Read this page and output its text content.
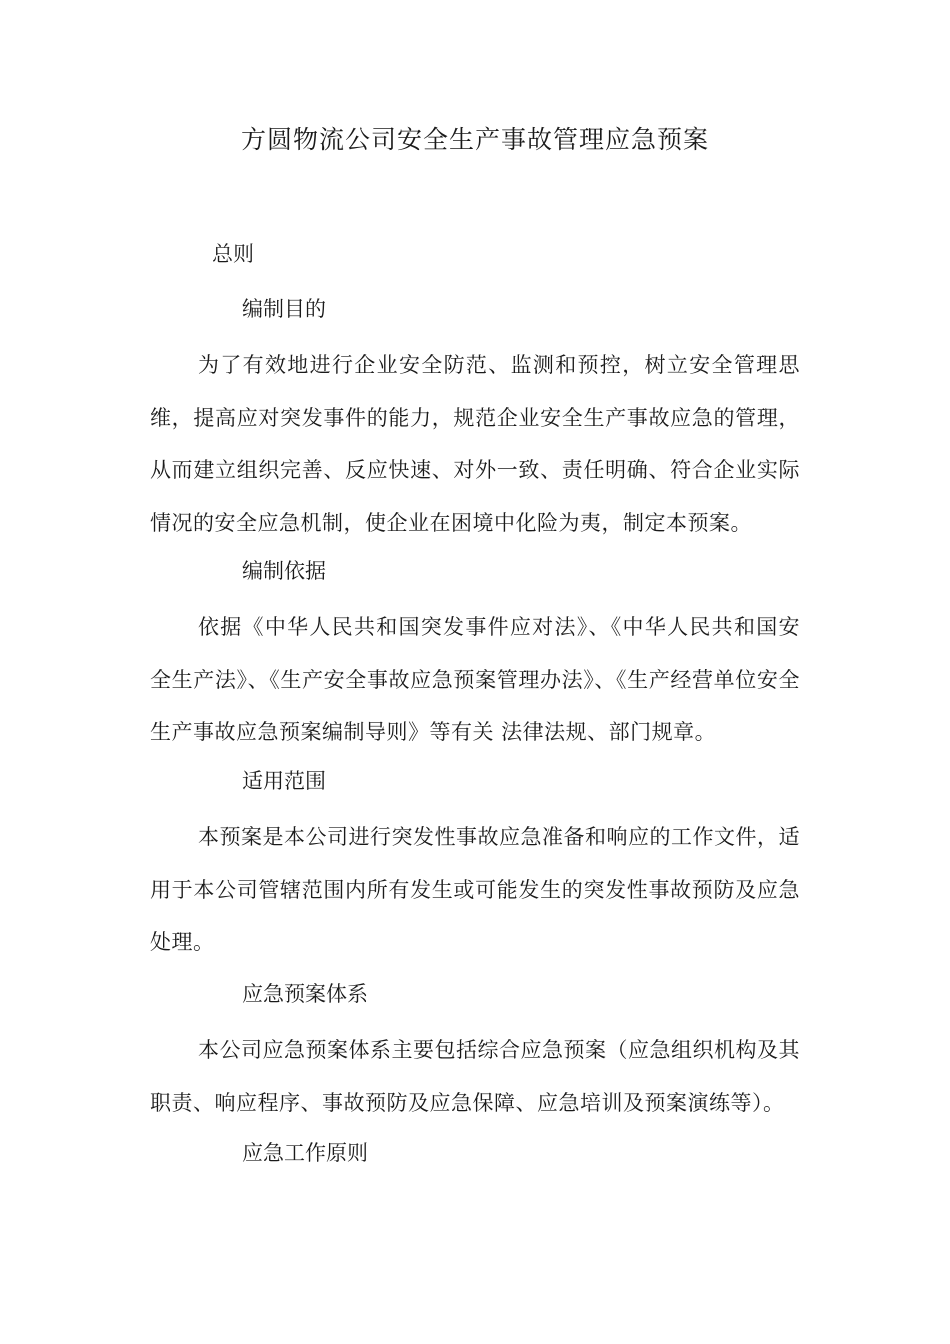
方圆物流公司安全生产事故管理应急预案
总则
编制目的
为了有效地进行企业安全防范、监测和预控，树立安全管理思维，提高应对突发事件的能力，规范企业安全生产事故应急的管理，从而建立组织完善、反应快速、对外一致、责任明确、符合企业实际情况的安全应急机制，使企业在困境中化险为夷，制定本预案。
编制依据
依据《中华人民共和国突发事件应对法》、《中华人民共和国安全生产法》、《生产安全事故应急预案管理办法》、《生产经营单位安全生产事故应急预案编制导则》等有关 法律法规、部门规章。
适用范围
本预案是本公司进行突发性事故应急准备和响应的工作文件，适用于本公司管辖范围内所有发生或可能发生的突发性事故预防及应急处理。
应急预案体系
本公司应急预案体系主要包括综合应急预案（应急组织机构及其职责、响应程序、事故预防及应急保障、应急培训及预案演练等）。
应急工作原则
